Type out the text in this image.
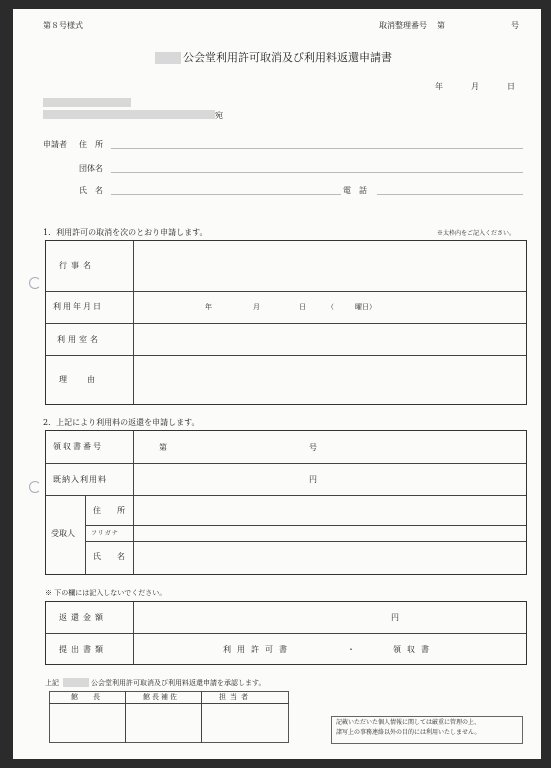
第８号様式	取消整理番号 第	号
公会堂利用許可取消及び利用料返還申請書
年	月	日
宛
申請者 住　所
団体名
氏　名	電　話
1．利用許可の取消を次のとおり申請します。	※太枠内をご記入ください。
行事名
利用年月日	年	月	日	（	曜日）
利用室名
理　由
2．上記により利用料の返還を申請します。
領収書番号	第	号
既納入利用料	円
受取人
住　所
フリガナ
氏　名
※ 下の欄には記入しないでください。
返還金額	円
提出書類	利用許可書	・	領収書
上記	公会堂利用許可取消及び利用料返還申請を承認します。
館　長	館長補佐	担当者
記載いただいた個人情報に関しては厳重に管理の上、
諸写上の事務連絡以外の目的には利用いたしません。
